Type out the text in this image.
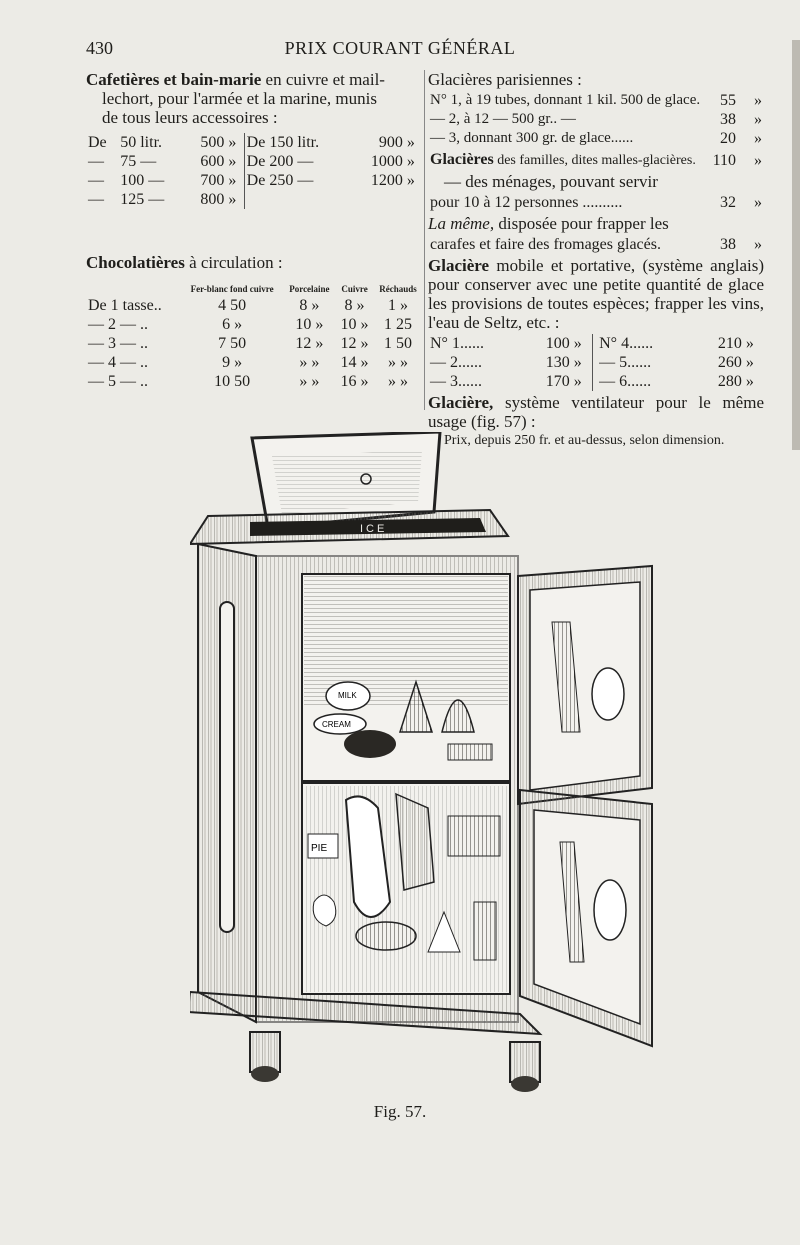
430	PRIX COURANT GÉNÉRAL

Cafetières et bain-marie en cuivre et mail-
lechort, pour l'armée et la marine, munis
de tous leurs accessoires :

De	50 litr.	500	»	De 150 litr.	900	»
—	75 —	600	»	De 200 —	1000	»
—	100 —	700	»	De 250 —	1200	»
—	125 —	800	»			
Chocolatières à circulation :
	Fer-blanc fond cuivre	Porcelaine	Cuivre	Réchauds
De 1 tasse..	4 50	8 »	8 »	1 »
— 2 — ..	6 »	10 »	10 »	1 25
— 3 — ..	7 50	12 »	12 »	1 50
— 4 — ..	9 »	» »	14 »	» »
— 5 — ..	10 50	» »	16 »	» »
Glacières parisiennes :
N° 1, à 19 tubes, donnant 1 kil. 500 de glace.	55	»
— 2, à 12 — 500 gr.. —	38	»
— 3, donnant 300 gr. de glace......	20	»
Glacières des familles, dites malles-glacières.	110	»
— des ménages, pouvant servir
pour 10 à 12 personnes ..........	32	»
La même, disposée pour frapper les
carafes et faire des fromages glacés.	38	»

Glacière mobile et portative, (système anglais) pour conserver avec une petite quantité de glace les provisions de toutes espèces; frapper les vins, l'eau de Seltz, etc. :

N° 1......	100	»	N° 4......	210	»
— 2......	130	»	— 5......	260	»
— 3......	170	»	— 6......	280	»

Glacière, système ventilateur pour le même usage (fig. 57) :

Prix, depuis 250 fr. et au-dessus, selon dimension.
ICE
MILK
CREAM
PIE
Fig. 57.
